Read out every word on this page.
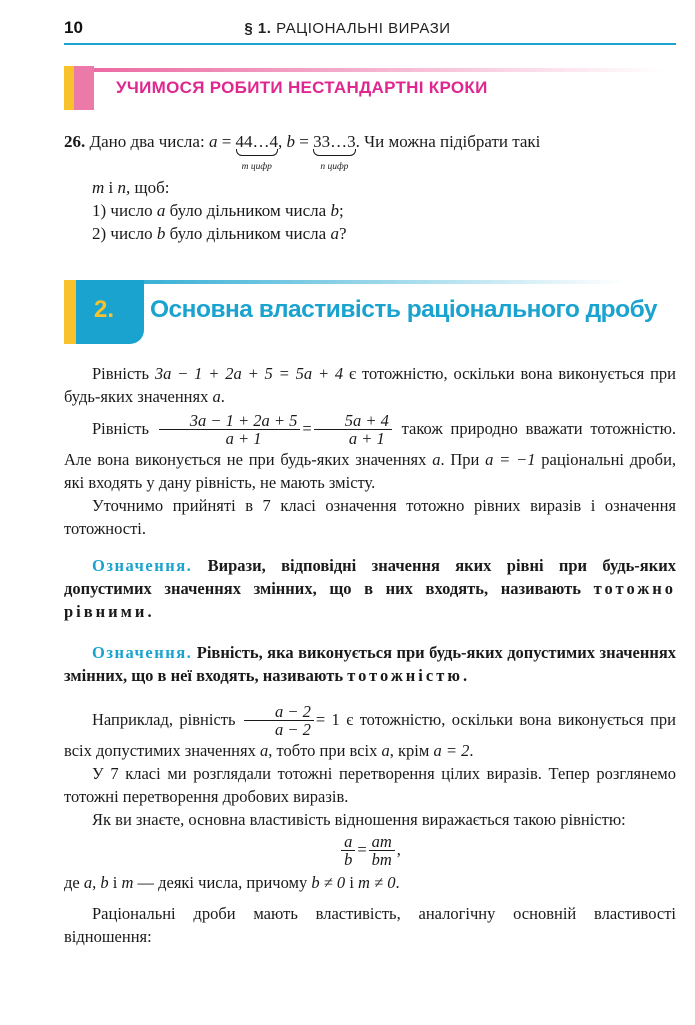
10	§ 1. РАЦІОНАЛЬНІ ВИРАЗИ
УЧИМОСЯ РОБИТИ НЕСТАНДАРТНІ КРОКИ
26. Дано два числа: a = 44…4
m цифр
, b = 33…3
n цифр
. Чи можна підібрати такі
m і n, щоб:
1) число a було дільником числа b;
2) число b було дільником числа a?
2. Основна властивість раціонального дробу
Рівність 3a − 1 + 2a + 5 = 5a + 4 є тотожністю, оскільки вона виконується при будь-яких значеннях a.
Рівність $\frac{3a - 1 + 2a + 5}{a + 1} = \frac{5a + 4}{a + 1}$ також природно вважати тотожністю. Але вона виконується не при будь-яких значеннях a. При a = −1 раціональні дроби, які входять у дану рівність, не мають змісту.
Уточнимо прийняті в 7 класі означення тотожно рівних виразів і означення тотожності.
Означення. Вирази, відповідні значення яких рівні при будь-яких допустимих значеннях змінних, що в них входять, називають тотожно рівними.
Означення. Рівність, яка виконується при будь-яких допустимих значеннях змінних, що в неї входять, називають тотожністю.
Наприклад, рівність $\frac{a - 2}{a - 2} = 1$ є тотожністю, оскільки вона виконується при всіх допустимих значеннях a, тобто при всіх a, крім a = 2.
У 7 класі ми розглядали тотожні перетворення цілих виразів. Тепер розглянемо тотожні перетворення дробових виразів.
Як ви знаєте, основна властивість відношення виражається такою рівністю:
$\frac{a}{b} = \frac{am}{bm}$ ,
де a, b і m — деякі числа, причому b ≠ 0 і m ≠ 0.
Раціональні дроби мають властивість, аналогічну основній властивості відношення:
